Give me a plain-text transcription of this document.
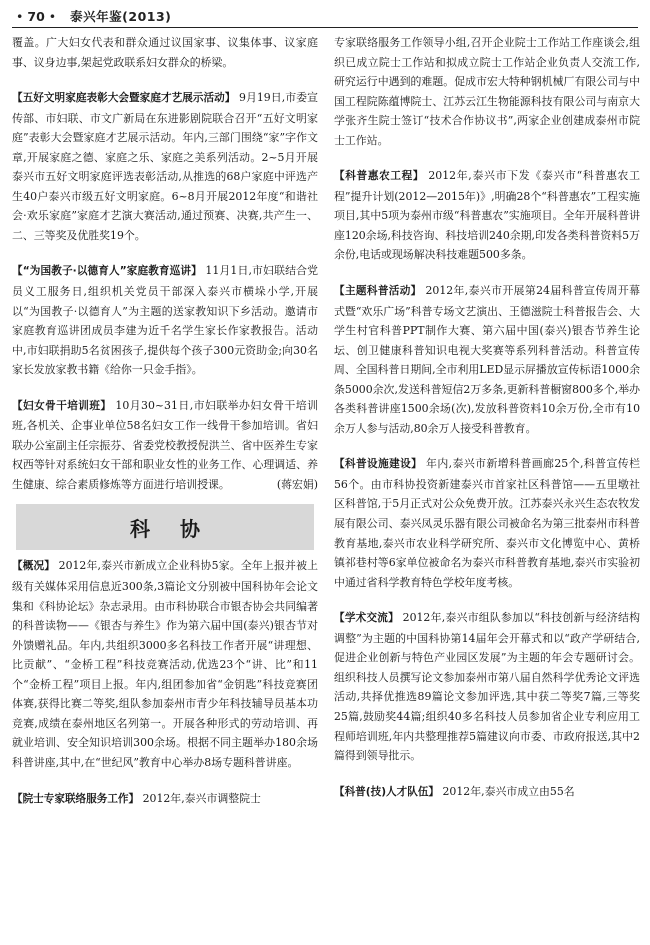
• 70 • 泰兴年鉴(2013)

覆盖。广大妇女代表和群众通过议国家事、议集体事、议家庭事、议身边事,架起党政联系妇女群众的桥梁。

【五好文明家庭表彰大会暨家庭才艺展示活动】 9月19日,市委宣传部、市妇联、市文广新局在东进影剧院联合召开“五好文明家庭”表彰大会暨家庭才艺展示活动。年内,三部门围绕“家”字作文章,开展家庭之德、家庭之乐、家庭之美系列活动。2~5月开展泰兴市五好文明家庭评选表彰活动,从推选的68户家庭中评选产生40户泰兴市级五好文明家庭。6~8月开展2012年度“和谐社会·欢乐家庭”家庭才艺演大赛活动,通过预赛、决赛,共产生一、二、三等奖及优胜奖19个。

【“为国教子·以德育人”家庭教育巡讲】 11月1日,市妇联结合党员义工服务日,组织机关党员干部深入泰兴市横垛小学,开展以“为国教子·以德育人”为主题的送家教知识下乡活动。邀请市家庭教育巡讲团成员李建为近千名学生家长作家教报告。活动中,市妇联捐助5名贫困孩子,提供每个孩子300元资助金;向30名家长发放家教书籍《给你一只金手指》。

【妇女骨干培训班】 10月30~31日,市妇联举办妇女骨干培训班,各机关、企事业单位58名妇女工作一线骨干参加培训。省妇联办公室副主任宗振芬、省委党校教授倪洪兰、省中医养生专家权西等针对系统妇女干部和职业女性的业务工作、心理调适、养生健康、综合素质修炼等方面进行培训授课。	(蒋宏娟)

科协

【概况】 2012年,泰兴市新成立企业科协5家。全年上报并被上级有关媒体采用信息近300条,3篇论文分别被中国科协年会论文集和《科协论坛》杂志录用。由市科协联合市银杏协会共同编著的科普读物——《银杏与养生》作为第六届中国(泰兴)银杏节对外馈赠礼品。年内,共组织3000多名科技工作者开展“讲理想、比贡献”、“金桥工程”科技竞赛活动,优选23个“讲、比”和11个“金桥工程”项目上报。年内,组团参加省“金钥匙”科技竞赛团体赛,获得比赛二等奖,组队参加泰州市青少年科技辅导员基本功竞赛,成绩在泰州地区名列第一。开展各种形式的劳动培训、再就业培训、安全知识培训300余场。根据不同主题举办180余场科普讲座,其中,在“世纪风”教育中心举办8场专题科普讲座。

【院士专家联络服务工作】 2012年,泰兴市调整院士

专家联络服务工作领导小组,召开企业院士工作站工作座谈会,组织已成立院士工作站和拟成立院士工作站企业负责人交流工作,研究运行中遇到的难题。促成市宏大特种钢机械厂有限公司与中国工程院陈蕴博院士、江苏云江生物能源科技有限公司与南京大学张齐生院士签订“技术合作协议书”,两家企业创建成泰州市院士工作站。

【科普惠农工程】 2012年,泰兴市下发《泰兴市“科普惠农工程”提升计划(2012—2015年)》,明确28个“科普惠农”工程实施项目,其中5项为泰州市级“科普惠农”实施项目。全年开展科普讲座120余场,科技咨询、科技培训240余期,印发各类科普资料5万余份,电话或现场解决科技难题500多条。

【主题科普活动】 2012年,泰兴市开展第24届科普宣传周开幕式暨“欢乐广场”科普专场文艺演出、王德滋院士科普报告会、大学生村官科普PPT制作大赛、第六届中国(泰兴)银杏节养生论坛、创卫健康科普知识电视大奖赛等系列科普活动。科普宣传周、全国科普日期间,全市利用LED显示屏播放宣传标语1000余条5000余次,发送科普短信2万多条,更新科普橱窗800多个,举办各类科普讲座1500余场(次),发放科普资料10余万份,全市有10余万人参与活动,80余万人接受科普教育。

【科普设施建设】 年内,泰兴市新增科普画廊25个,科普宣传栏56个。由市科协投资新建泰兴市首家社区科普馆——五里墩社区科普馆,于5月正式对公众免费开放。江苏泰兴永兴生态农牧发展有限公司、泰兴凤灵乐器有限公司被命名为第三批泰州市科普教育基地,泰兴市农业科学研究所、泰兴市文化博览中心、黄桥镇祁巷村等6家单位被命名为泰兴市科普教育基地,泰兴市实验初中通过省科学教育特色学校年度考核。

【学术交流】 2012年,泰兴市组队参加以“科技创新与经济结构调整”为主题的中国科协第14届年会开幕式和以“政产学研结合,促进企业创新与特色产业园区发展”为主题的年会专题研讨会。组织科技人员撰写论文参加泰州市第八届自然科学优秀论文评选活动,共择优推选89篇论文参加评选,其中获二等奖7篇,三等奖25篇,鼓励奖44篇;组织40多名科技人员参加省企业专利应用工程师培训班,年内共整理推荐5篇建议向市委、市政府报送,其中2篇得到领导批示。

【科普(技)人才队伍】 2012年,泰兴市成立由55名
